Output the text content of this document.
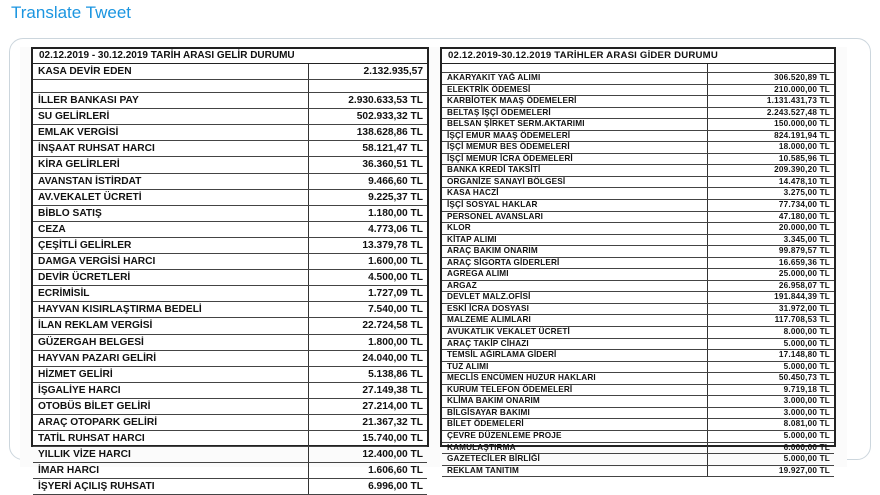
Translate Tweet
02.12.2019 - 30.12.2019 TARİH ARASI GELİR DURUMU
KASA DEVİR EDEN	2.132.935,57
İLLER BANKASI PAY	2.930.633,53 TL
SU GELİRLERİ	502.933,32 TL
EMLAK VERGİSİ	138.628,86 TL
İNŞAAT RUHSAT HARCI	58.121,47 TL
KİRA GELİRLERİ	36.360,51 TL
AVANSTAN İSTİRDAT	9.466,60 TL
AV.VEKALET ÜCRETİ	9.225,37 TL
BİBLO SATIŞ	1.180,00 TL
CEZA	4.773,06 TL
ÇEŞİTLİ GELİRLER	13.379,78 TL
DAMGA VERGİSİ HARCI	1.600,00 TL
DEVİR ÜCRETLERİ	4.500,00 TL
ECRİMİSİL	1.727,09 TL
HAYVAN KISIRLAŞTIRMA BEDELİ	7.540,00 TL
İLAN REKLAM VERGİSİ	22.724,58 TL
GÜZERGAH BELGESİ	1.800,00 TL
HAYVAN PAZARI GELİRİ	24.040,00 TL
HİZMET GELİRİ	5.138,86 TL
İŞGALİYE HARCI	27.149,38 TL
OTOBÜS BİLET GELİRİ	27.214,00 TL
ARAÇ OTOPARK GELİRİ	21.367,32 TL
TATİL RUHSAT HARCI	15.740,00 TL
YILLIK VİZE HARCI	12.400,00 TL
İMAR HARCI	1.606,60 TL
İŞYERİ AÇILIŞ RUHSATI	6.996,00 TL
02.12.2019-30.12.2019 TARİHLER ARASI GİDER DURUMU
AKARYAKIT YAĞ ALIMI	306.520,89 TL
ELEKTRİK ÖDEMESİ	210.000,00 TL
KARBİOTEK MAAŞ ÖDEMELERİ	1.131.431,73 TL
BELTAŞ İŞÇİ ÖDEMELERİ	2.243.527,48 TL
BELSAN ŞİRKET SERM.AKTARIMI	150.000,00 TL
İŞÇİ EMUR MAAŞ ÖDEMELERİ	824.191,94 TL
İŞÇİ MEMUR BES ÖDEMELERİ	18.000,00 TL
İŞÇİ MEMUR İCRA ÖDEMELERİ	10.585,96 TL
BANKA KREDİ TAKSİTİ	209.390,20 TL
ORGANİZE SANAYİ BÖLGESİ	14.478,10 TL
KASA HACZİ	3.275,00 TL
İŞÇİ SOSYAL HAKLAR	77.734,00 TL
PERSONEL AVANSLARI	47.180,00 TL
KLOR	20.000,00 TL
KİTAP ALIMI	3.345,00 TL
ARAÇ BAKIM ONARIM	99.879,57 TL
ARAÇ SİGORTA GİDERLERİ	16.659,36 TL
AGREGA ALIMI	25.000,00 TL
ARGAZ	26.958,07 TL
DEVLET MALZ.OFİSİ	191.844,39 TL
ESKİ İCRA DOSYASI	31.972,00 TL
MALZEME ALIMLARI	117.708,53 TL
AVUKATLIK VEKALET ÜCRETİ	8.000,00 TL
ARAÇ TAKİP CİHAZI	5.000,00 TL
TEMSİL AĞIRLAMA GİDERİ	17.148,80 TL
TUZ ALIMI	5.000,00 TL
MECLİS ENCÜMEN HUZUR HAKLARI	50.450,73 TL
KURUM TELEFON ÖDEMELERİ	9.719,18 TL
KLİMA BAKIM ONARIM	3.000,00 TL
BİLGİSAYAR BAKIMI	3.000,00 TL
BİLET ÖDEMELERİ	8.081,00 TL
ÇEVRE DÜZENLEME PROJE	5.000,00 TL
KAMULAŞTIRMA	6.000,00 TL
GAZETECİLER BİRLİĞİ	5.000,00 TL
REKLAM TANITIM	19.927,00 TL
